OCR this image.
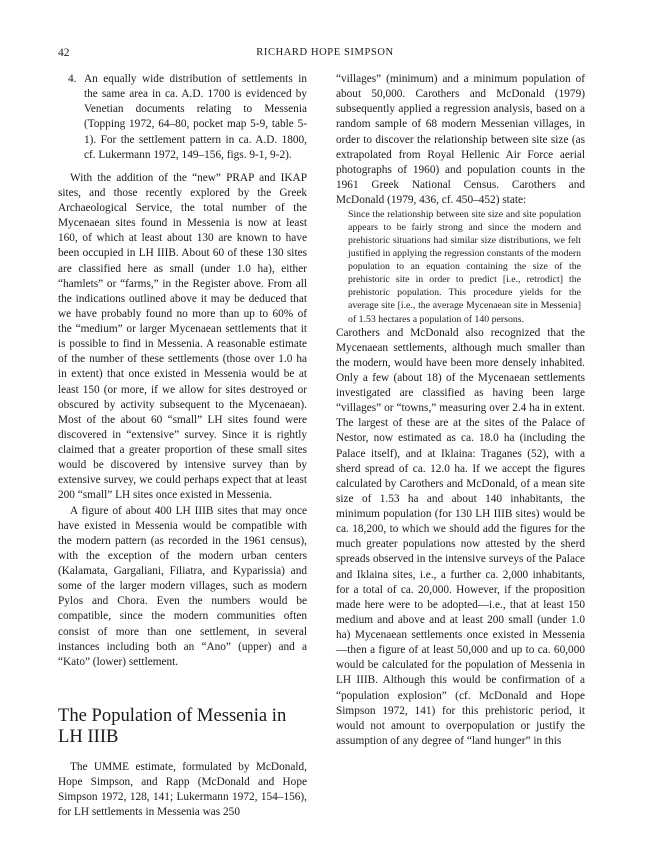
42	RICHARD HOPE SIMPSON
4. An equally wide distribution of settlements in the same area in ca. A.D. 1700 is evidenced by Venetian documents relating to Messenia (Topping 1972, 64–80, pocket map 5-9, table 5-1). For the settlement pattern in ca. A.D. 1800, cf. Lukermann 1972, 149–156, figs. 9-1, 9-2).

With the addition of the “new” PRAP and IKAP sites, and those recently explored by the Greek Archaeological Service, the total number of the Mycenaean sites found in Messenia is now at least 160, of which at least about 130 are known to have been occupied in LH IIIB. About 60 of these 130 sites are classified here as small (under 1.0 ha), either “hamlets” or “farms,” in the Register above. From all the indications outlined above it may be deduced that we have probably found no more than up to 60% of the “medium” or larger Mycenaean settlements that it is possible to find in Messenia. A reasonable estimate of the number of these settlements (those over 1.0 ha in extent) that once existed in Messenia would be at least 150 (or more, if we allow for sites destroyed or obscured by activity subsequent to the Mycenaean). Most of the about 60 “small” LH sites found were discovered in “extensive” survey. Since it is rightly claimed that a greater proportion of these small sites would be discovered by intensive survey than by extensive survey, we could perhaps expect that at least 200 “small” LH sites once existed in Messenia.

A figure of about 400 LH IIIB sites that may once have existed in Messenia would be compatible with the modern pattern (as recorded in the 1961 census), with the exception of the modern urban centers (Kalamata, Gargaliani, Filiatra, and Kyparissia) and some of the larger modern villages, such as modern Pylos and Chora. Even the numbers would be compatible, since the modern communities often consist of more than one settlement, in several instances including both an “Ano” (upper) and a “Kato” (lower) settlement.

The Population of Messenia in LH IIIB

The UMME estimate, formulated by McDonald, Hope Simpson, and Rapp (McDonald and Hope Simpson 1972, 128, 141; Lukermann 1972, 154–156), for LH settlements in Messenia was 250

“villages” (minimum) and a minimum population of about 50,000. Carothers and McDonald (1979) subsequently applied a regression analysis, based on a random sample of 68 modern Messenian villages, in order to discover the relationship between site size (as extrapolated from Royal Hellenic Air Force aerial photographs of 1960) and population counts in the 1961 Greek National Census. Carothers and McDonald (1979, 436, cf. 450–452) state:

Since the relationship between site size and site population appears to be fairly strong and since the modern and prehistoric situations had similar size distributions, we felt justified in applying the regression constants of the modern population to an equation containing the size of the prehistoric site in order to predict [i.e., retrodict] the prehistoric population. This procedure yields for the average site [i.e., the average Mycenaean site in Messenia] of 1.53 hectares a population of 140 persons.

Carothers and McDonald also recognized that the Mycenaean settlements, although much smaller than the modern, would have been more densely inhabited. Only a few (about 18) of the Mycenaean settlements investigated are classified as having been large “villages” or “towns,” measuring over 2.4 ha in extent. The largest of these are at the sites of the Palace of Nestor, now estimated as ca. 18.0 ha (including the Palace itself), and at Iklaina: Traganes (52), with a sherd spread of ca. 12.0 ha. If we accept the figures calculated by Carothers and McDonald, of a mean site size of 1.53 ha and about 140 inhabitants, the minimum population (for 130 LH IIIB sites) would be ca. 18,200, to which we should add the figures for the much greater populations now attested by the sherd spreads observed in the intensive surveys of the Palace and Iklaina sites, i.e., a further ca. 2,000 inhabitants, for a total of ca. 20,000. However, if the proposition made here were to be adopted—i.e., that at least 150 medium and above and at least 200 small (under 1.0 ha) Mycenaean settlements once existed in Messenia—then a figure of at least 50,000 and up to ca. 60,000 would be calculated for the population of Messenia in LH IIIB. Although this would be confirmation of a “population explosion” (cf. McDonald and Hope Simpson 1972, 141) for this prehistoric period, it would not amount to overpopulation or justify the assumption of any degree of “land hunger” in this
